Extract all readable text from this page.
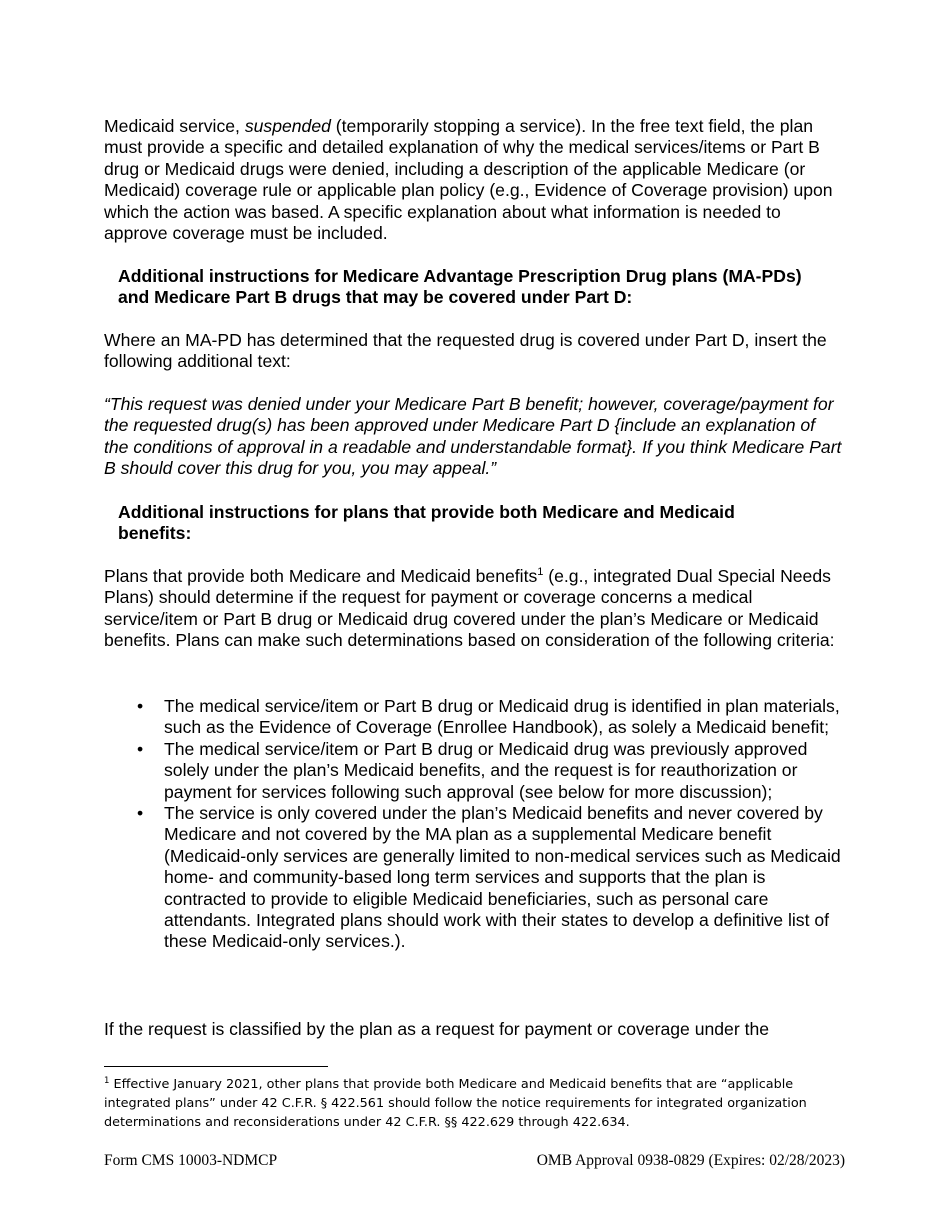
Medicaid service, suspended (temporarily stopping a service). In the free text field, the plan must provide a specific and detailed explanation of why the medical services/items or Part B drug or Medicaid drugs were denied, including a description of the applicable Medicare (or Medicaid) coverage rule or applicable plan policy (e.g., Evidence of Coverage provision) upon which the action was based. A specific explanation about what information is needed to approve coverage must be included.

Additional instructions for Medicare Advantage Prescription Drug plans (MA-PDs) and Medicare Part B drugs that may be covered under Part D:

Where an MA-PD has determined that the requested drug is covered under Part D, insert the following additional text:

“This request was denied under your Medicare Part B benefit; however, coverage/payment for the requested drug(s) has been approved under Medicare Part D {include an explanation of the conditions of approval in a readable and understandable format}. If you think Medicare Part B should cover this drug for you, you may appeal.”

Additional instructions for plans that provide both Medicare and Medicaid benefits:

Plans that provide both Medicare and Medicaid benefits$^1$ (e.g., integrated Dual Special Needs Plans) should determine if the request for payment or coverage concerns a medical service/item or Part B drug or Medicaid drug covered under the plan’s Medicare or Medicaid benefits. Plans can make such determinations based on consideration of the following criteria:

• The medical service/item or Part B drug or Medicaid drug is identified in plan materials, such as the Evidence of Coverage (Enrollee Handbook), as solely a Medicaid benefit;
• The medical service/item or Part B drug or Medicaid drug was previously approved solely under the plan’s Medicaid benefits, and the request is for reauthorization or payment for services following such approval (see below for more discussion);
• The service is only covered under the plan’s Medicaid benefits and never covered by Medicare and not covered by the MA plan as a supplemental Medicare benefit (Medicaid-only services are generally limited to non-medical services such as Medicaid home- and community-based long term services and supports that the plan is contracted to provide to eligible Medicaid beneficiaries, such as personal care attendants. Integrated plans should work with their states to develop a definitive list of these Medicaid-only services.).

If the request is classified by the plan as a request for payment or coverage under the

$^1$ Effective January 2021, other plans that provide both Medicare and Medicaid benefits that are “applicable integrated plans” under 42 C.F.R. § 422.561 should follow the notice requirements for integrated organization determinations and reconsiderations under 42 C.F.R. §§ 422.629 through 422.634.

Form CMS 10003-NDMCP	OMB Approval 0938-0829 (Expires: 02/28/2023)
